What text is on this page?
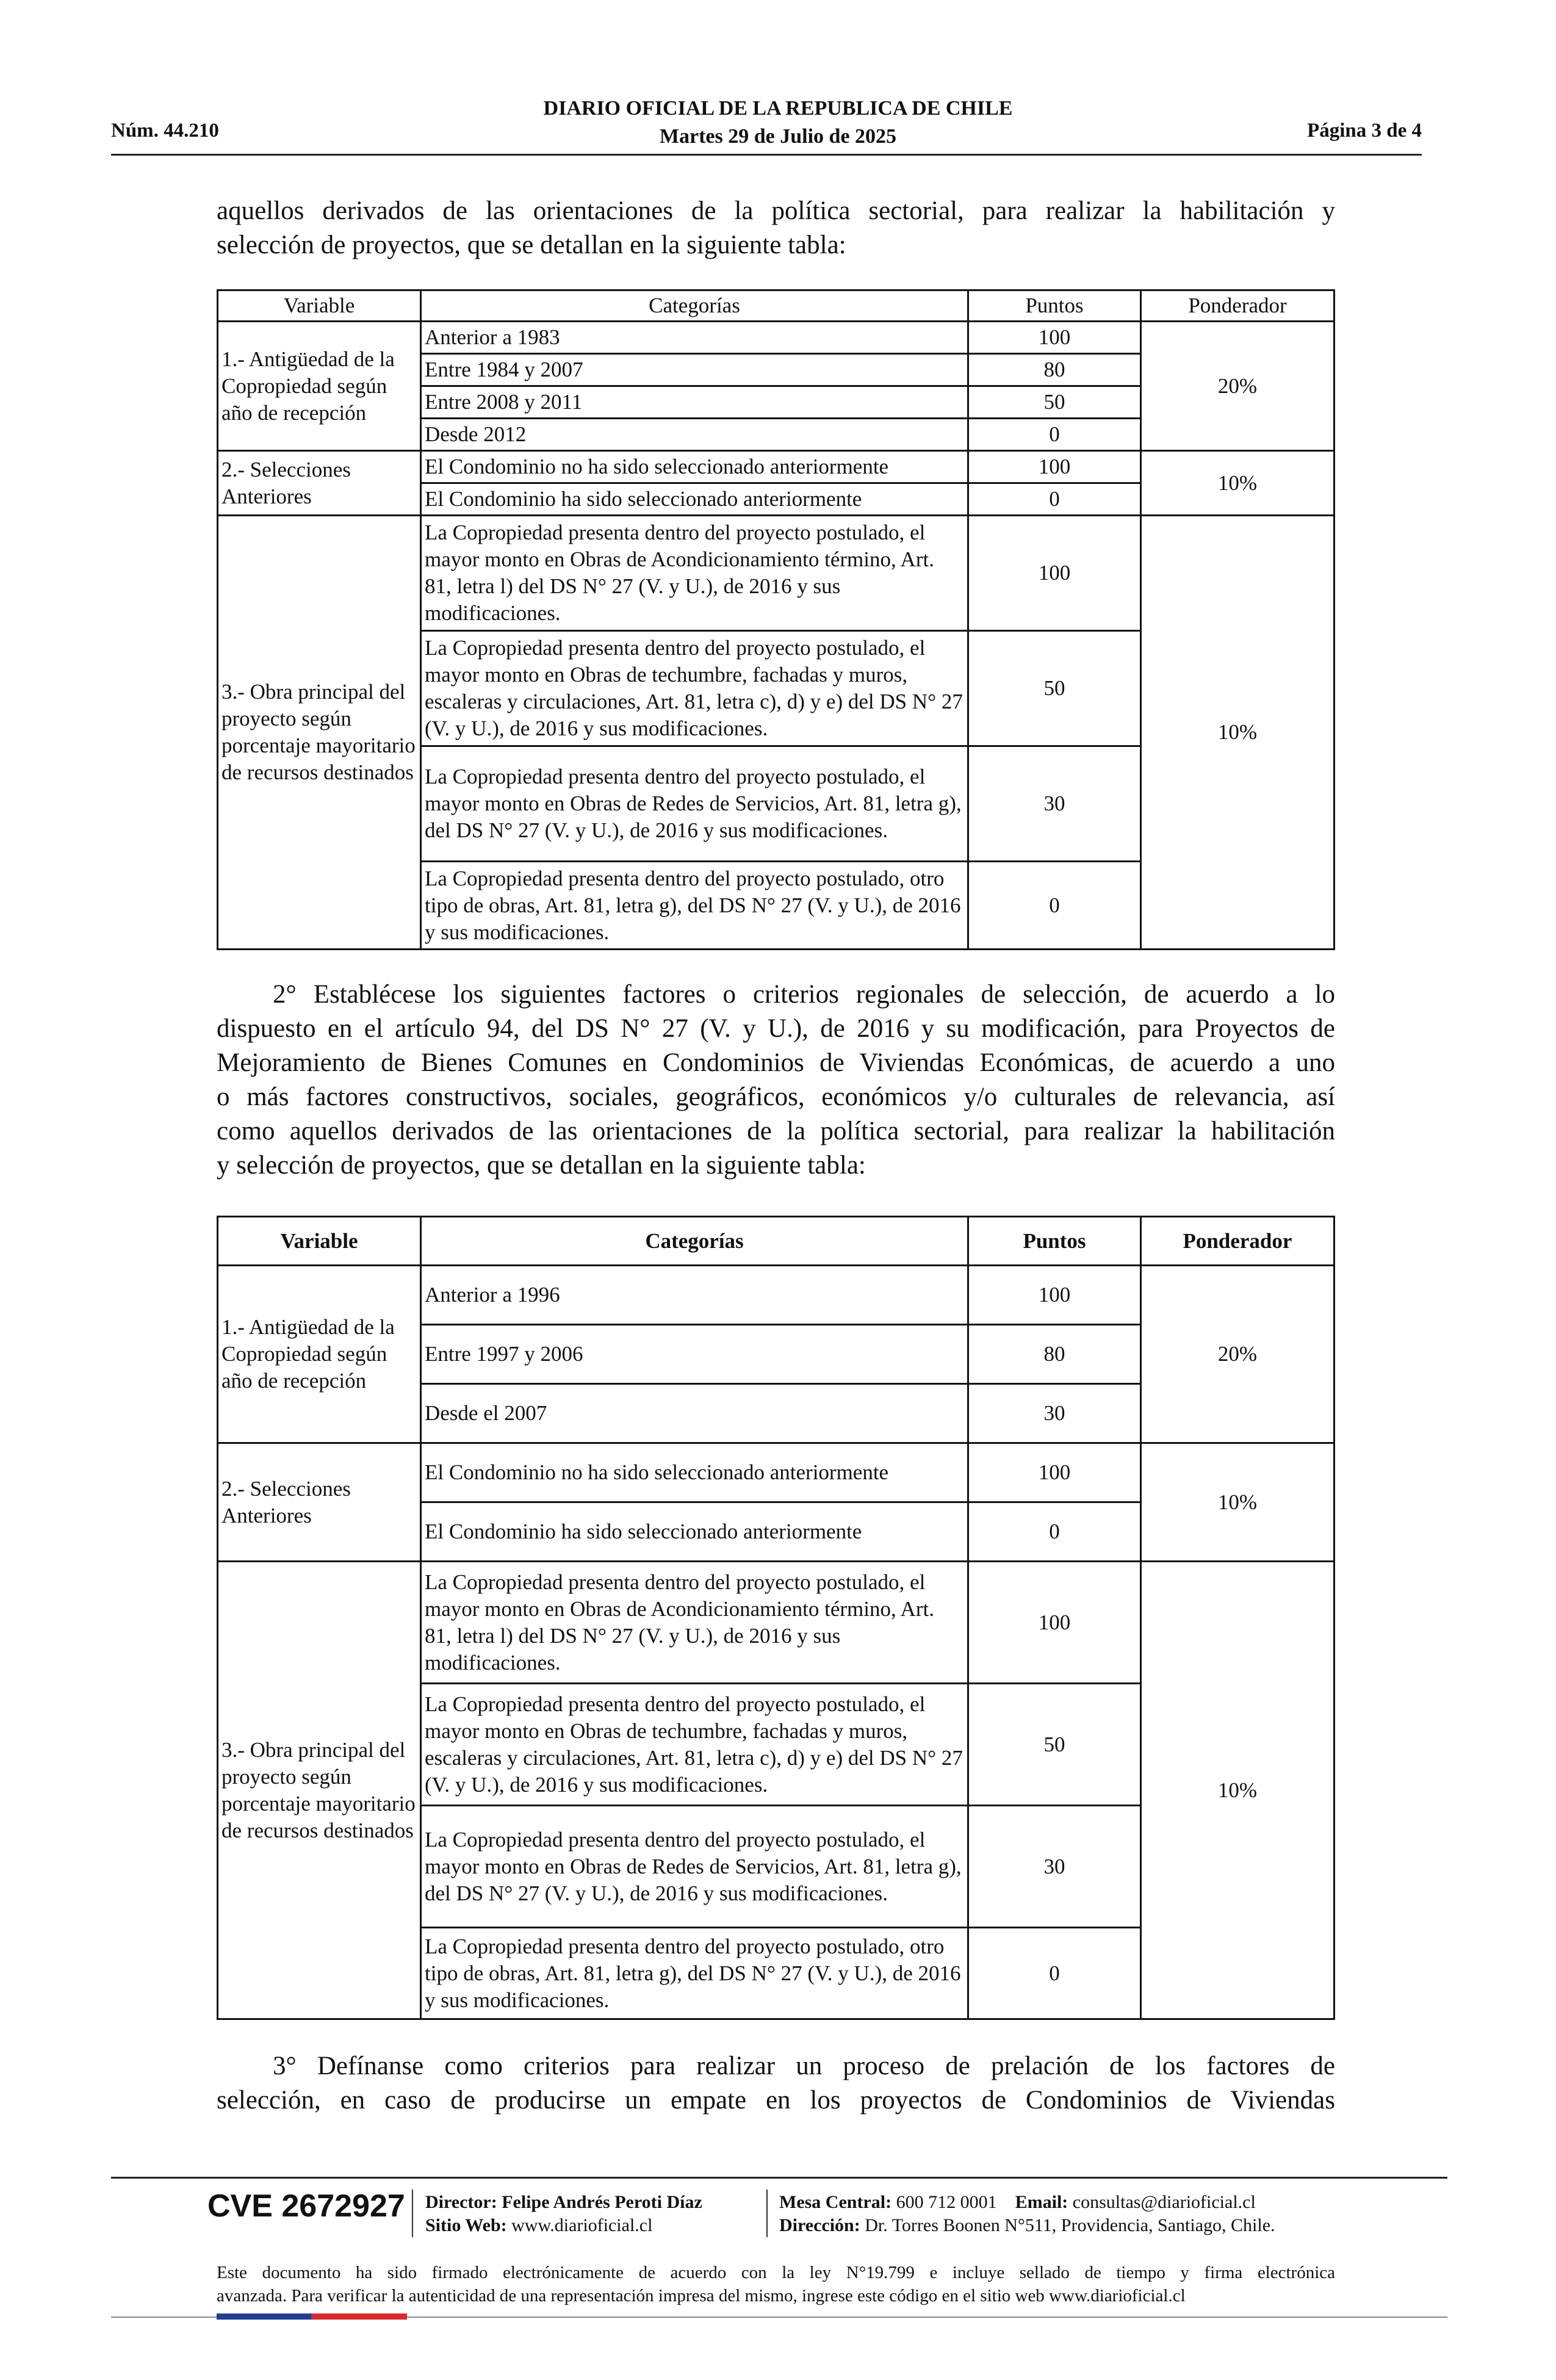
Núm. 44.210
DIARIO OFICIAL DE LA REPUBLICA DE CHILE
Martes 29 de Julio de 2025	Página 3 de 4
aquellos derivados de las orientaciones de la política sectorial, para realizar la habilitación y
selección de proyectos, que se detallan en la siguiente tabla:
Variable	Categorías	Puntos	Ponderador
1.- Antigüedad de la Copropiedad según año de recepción	Anterior a 1983	100	20%
	Entre 1984 y 2007	80	
	Entre 2008 y 2011	50	
	Desde 2012	0	
2.- Selecciones Anteriores	El Condominio no ha sido seleccionado anteriormente	100	10%
	El Condominio ha sido seleccionado anteriormente	0	
3.- Obra principal del proyecto según porcentaje mayoritario de recursos destinados	La Copropiedad presenta dentro del proyecto postulado, el mayor monto en Obras de Acondicionamiento término, Art. 81, letra l) del DS N° 27 (V. y U.), de 2016 y sus modificaciones.	100	10%
	La Copropiedad presenta dentro del proyecto postulado, el mayor monto en Obras de techumbre, fachadas y muros, escaleras y circulaciones, Art. 81, letra c), d) y e) del DS N° 27 (V. y U.), de 2016 y sus modificaciones.	50	
	La Copropiedad presenta dentro del proyecto postulado, el mayor monto en Obras de Redes de Servicios, Art. 81, letra g), del DS N° 27 (V. y U.), de 2016 y sus modificaciones.	30	
	La Copropiedad presenta dentro del proyecto postulado, otro tipo de obras, Art. 81, letra g), del DS N° 27 (V. y U.), de 2016 y sus modificaciones.	0	
2° Establécese los siguientes factores o criterios regionales de selección, de acuerdo a lo
dispuesto en el artículo 94, del DS N° 27 (V. y U.), de 2016 y su modificación, para Proyectos de
Mejoramiento de Bienes Comunes en Condominios de Viviendas Económicas, de acuerdo a uno
o más factores constructivos, sociales, geográficos, económicos y/o culturales de relevancia, así
como aquellos derivados de las orientaciones de la política sectorial, para realizar la habilitación
y selección de proyectos, que se detallan en la siguiente tabla:
Variable	Categorías	Puntos	Ponderador
1.- Antigüedad de la Copropiedad según año de recepción	Anterior a 1996	100	20%
	Entre 1997 y 2006	80	
	Desde el 2007	30	
2.- Selecciones Anteriores	El Condominio no ha sido seleccionado anteriormente	100	10%
	El Condominio ha sido seleccionado anteriormente	0	
3.- Obra principal del proyecto según porcentaje mayoritario de recursos destinados	La Copropiedad presenta dentro del proyecto postulado, el mayor monto en Obras de Acondicionamiento término, Art. 81, letra l) del DS N° 27 (V. y U.), de 2016 y sus modificaciones.	100	10%
	La Copropiedad presenta dentro del proyecto postulado, el mayor monto en Obras de techumbre, fachadas y muros, escaleras y circulaciones, Art. 81, letra c), d) y e) del DS N° 27 (V. y U.), de 2016 y sus modificaciones.	50	
	La Copropiedad presenta dentro del proyecto postulado, el mayor monto en Obras de Redes de Servicios, Art. 81, letra g), del DS N° 27 (V. y U.), de 2016 y sus modificaciones.	30	
	La Copropiedad presenta dentro del proyecto postulado, otro tipo de obras, Art. 81, letra g), del DS N° 27 (V. y U.), de 2016 y sus modificaciones.	0	
3° Defínanse como criterios para realizar un proceso de prelación de los factores de
selección, en caso de producirse un empate en los proyectos de Condominios de Viviendas
CVE 2672927 Director: Felipe Andrés Peroti Díaz
Sitio Web: www.diarioficial.cl
Mesa Central: 600 712 0001 Email: consultas@diarioficial.cl
Dirección: Dr. Torres Boonen N°511, Providencia, Santiago, Chile.
Este documento ha sido firmado electrónicamente de acuerdo con la ley N°19.799 e incluye sellado de tiempo y firma electrónica
avanzada. Para verificar la autenticidad de una representación impresa del mismo, ingrese este código en el sitio web www.diarioficial.cl
